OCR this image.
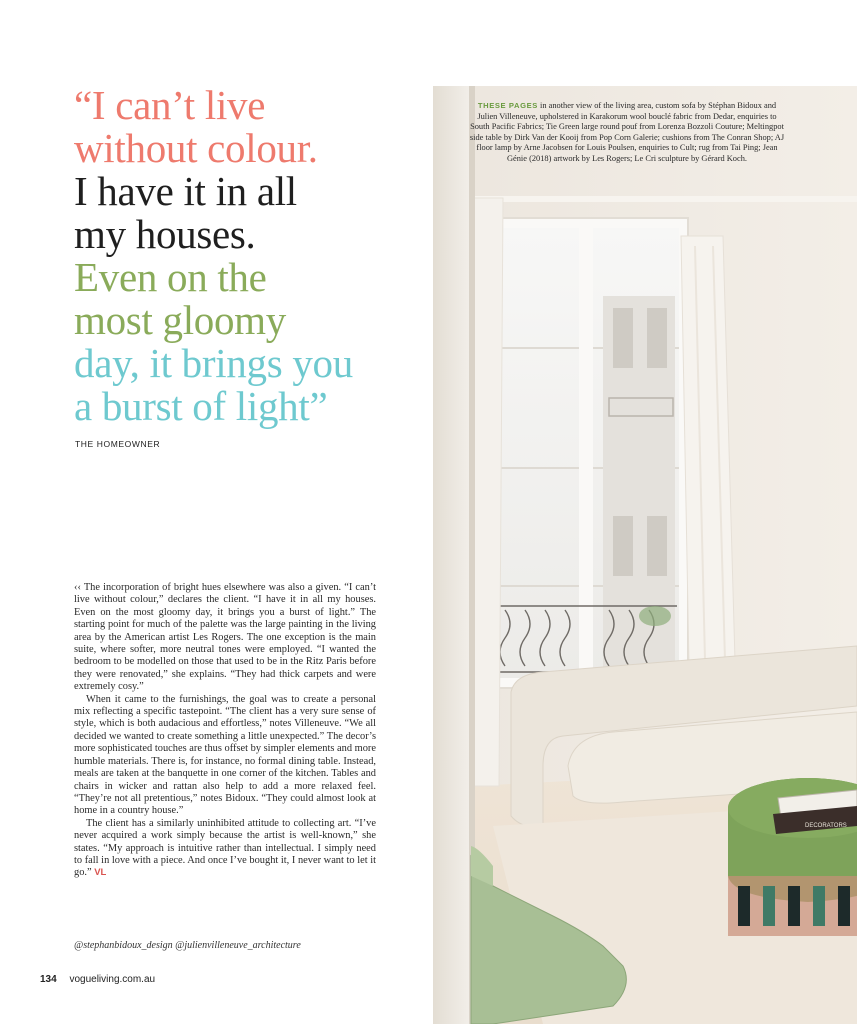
“I can’t live
without colour.
I have it in all
my houses.
Even on the
most gloomy
day, it brings you
a burst of light”
THE HOMEOWNER

‹‹ The incorporation of bright hues elsewhere was also a given. “I can’t live without colour,” declares the client. “I have it in all my houses. Even on the most gloomy day, it brings you a burst of light.” The starting point for much of the palette was the large painting in the living area by the American artist Les Rogers. The one exception is the main suite, where softer, more neutral tones were employed. “I wanted the bedroom to be modelled on those that used to be in the Ritz Paris before they were renovated,” she explains. “They had thick carpets and were extremely cosy.”

When it came to the furnishings, the goal was to create a personal mix reflecting a specific tastepoint. “The client has a very sure sense of style, which is both audacious and effortless,” notes Villeneuve. “We all decided we wanted to create something a little unexpected.” The decor’s more sophisticated touches are thus offset by simpler elements and more humble materials. There is, for instance, no formal dining table. Instead, meals are taken at the banquette in one corner of the kitchen. Tables and chairs in wicker and rattan also help to add a more relaxed feel. “They’re not all pretentious,” notes Bidoux. “They could almost look at home in a country house.”

The client has a similarly uninhibited attitude to collecting art. “I’ve never acquired a work simply because the artist is well-known,” she states. “My approach is intuitive rather than intellectual. I simply need to fall in love with a piece. And once I’ve bought it, I never want to let it go.” VL

@stephanbidoux_design @julienvilleneuve_architecture
134 vogueliving.com.au
DECORATORS
THESE PAGES in another view of the living area, custom sofa by Stéphan Bidoux and Julien Villeneuve, upholstered in Karakorum wool bouclé fabric from Dedar, enquiries to South Pacific Fabrics; Tie Green large round pouf from Lorenza Bozzoli Couture; Meltingpot side table by Dirk Van der Kooij from Pop Corn Galerie; cushions from The Conran Shop; AJ floor lamp by Arne Jacobsen for Louis Poulsen, enquiries to Cult; rug from Tai Ping; Jean Génie (2018) artwork by Les Rogers; Le Cri sculpture by Gérard Koch.
